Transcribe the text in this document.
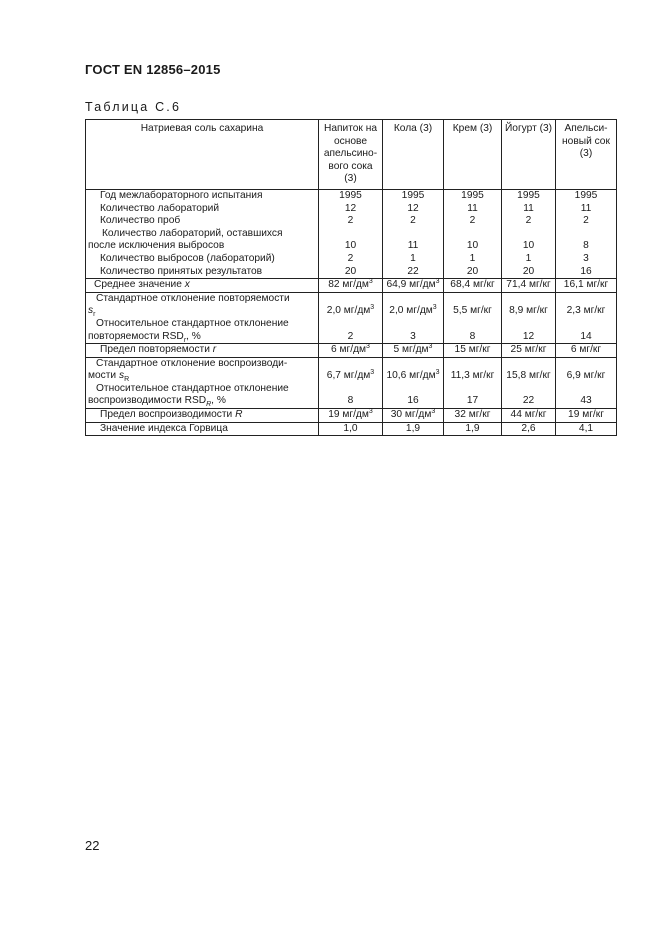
ГОСТ EN 12856–2015
Таблица С.6
Натриевая соль сахарина	Напиток на основе апельсино-вого сока (3)	Кола (3)	Крем (3)	Йогурт (3)	Апельси-новый сок (3)
Год межлабораторного испытания	1995	1995	1995	1995	1995
Количество лабораторий	12	12	11	11	11
Количество проб	2	2	2	2	2

Количество лабораторий, оставшихся
после исключения выбросов	10	11	10	10	8
Количество выбросов (лабораторий)	2	1	1	1	3
Количество принятых результатов	20	22	20	20	16
Среднее значение $\overline{x}$	82 $мг/дм^3$	64,9 $мг/дм^3$	68,4 мг/кг	71,4 мг/кг	16,1 мг/кг

Стандартное отклонение повторяемости
$s_r$	2,0 $мг/дм^3$	2,0 $мг/дм^3$	5,5 мг/кг	8,9 мг/кг	2,3 мг/кг

Относительное стандартное отклонение
повторяемости $RSD_r$, %	2	3	8	12	14
Предел повторяемости r	6 $мг/дм^3$	5 $мг/дм^3$	15 мг/кг	25 мг/кг	6 мг/кг

Стандартное отклонение воспроизводи-
мости $s_R$	6,7 $мг/дм^3$	10,6 $мг/дм^3$	11,3 мг/кг	15,8 мг/кг	6,9 мг/кг

Относительное стандартное отклонение
воспроизводимости $RSD_R$, %	8	16	17	22	43
Предел воспроизводимости R	19 $мг/дм^3$	30 $мг/дм^3$	32 мг/кг	44 мг/кг	19 мг/кг
Значение индекса Горвица	1,0	1,9	1,9	2,6	4,1
22
